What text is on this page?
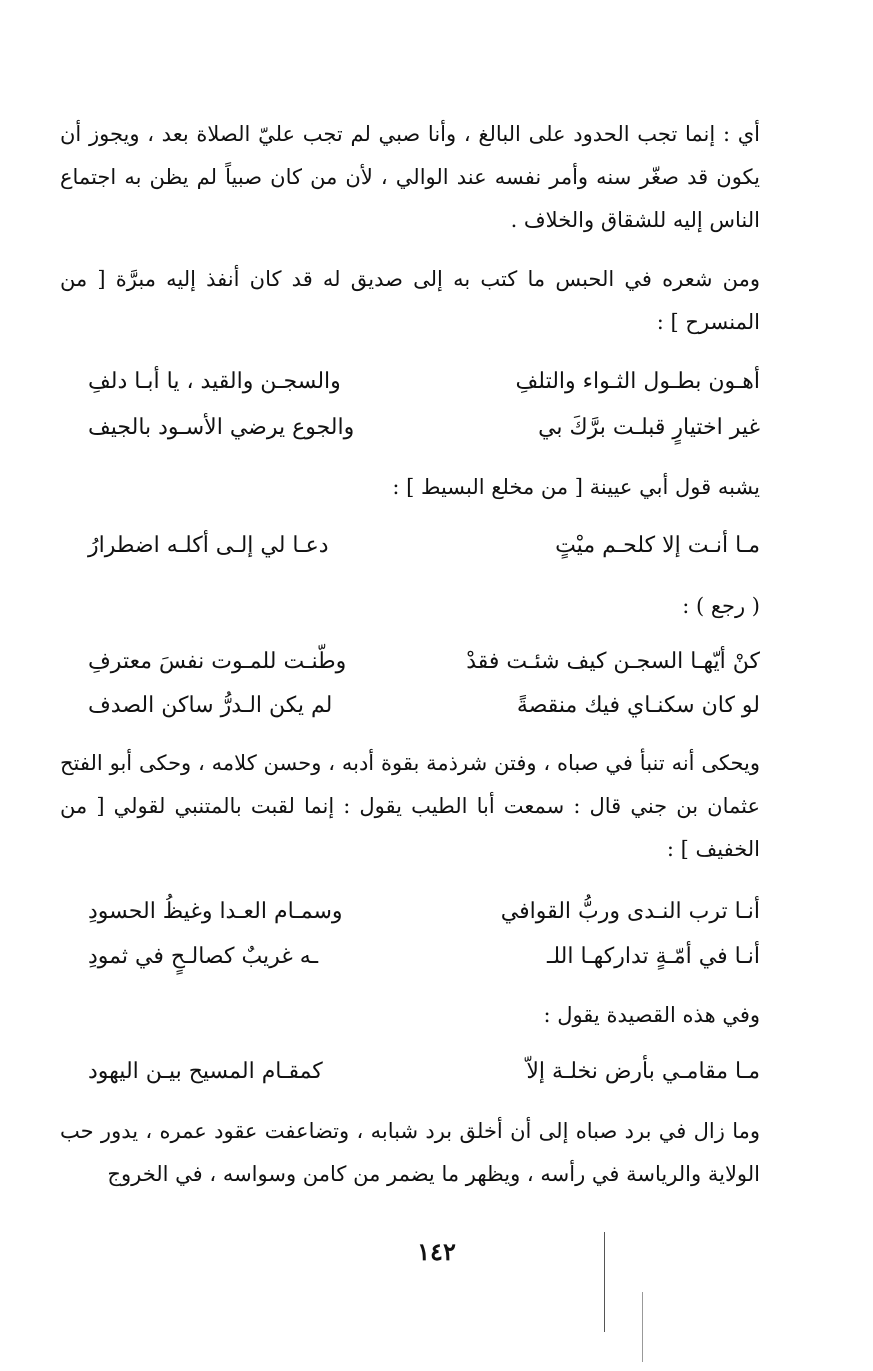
أي : إنما تجب الحدود على البالغ ، وأنا صبي لم تجب عليّ الصلاة بعد ، ويجوز أن يكون قد صغّر سنه وأمر نفسه عند الوالي ، لأن من كان صبياً لم يظن به اجتماع الناس إليه للشقاق والخلاف .

ومن شعره في الحبس ما كتب به إلى صديق له قد كان أنفذ إليه مبرَّة [ من المنسرح ] :

أهـون بطـول الثـواء والتلفِ
والسجـن والقيد ، يا أبـا دلفِ
غير اختيارٍ قبلـت برَّكَ بي
والجوع يرضي الأسـود بالجيف

يشبه قول أبي عيينة [ من مخلع البسيط ] :

مـا أنـت إلا كلحـم ميْتٍ
دعـا لي إلـى أكلـه اضطرارُ

( رجع ) :

كنْ أيّهـا السجـن كيف شئـت فقدْ
وطّنـت للمـوت نفسَ معترفِ
لو كان سكنـاي فيك منقصةً
لم يكن الـدرُّ ساكن الصدف

ويحكى أنه تنبأ في صباه ، وفتن شرذمة بقوة أدبه ، وحسن كلامه ، وحكى أبو الفتح عثمان بن جني قال : سمعت أبا الطيب يقول : إنما لقبت بالمتنبي لقولي [ من الخفيف ] :

أنـا ترب النـدى وربُّ القوافي
وسمـام العـدا وغيظُ الحسودِ
أنـا في أمّـةٍ تداركهـا اللـ
ـه غريبٌ كصالـحٍ في ثمودِ

وفي هذه القصيدة يقول :

مـا مقامـي بأرض نخلـة إلاّ
كمقـام المسيح بيـن اليهود

وما زال في برد صباه إلى أن أخلق برد شبابه ، وتضاعفت عقود عمره ، يدور حب الولاية والرياسة في رأسه ، ويظهر ما يضمر من كامن وسواسه ، في الخروج

١٤٢
